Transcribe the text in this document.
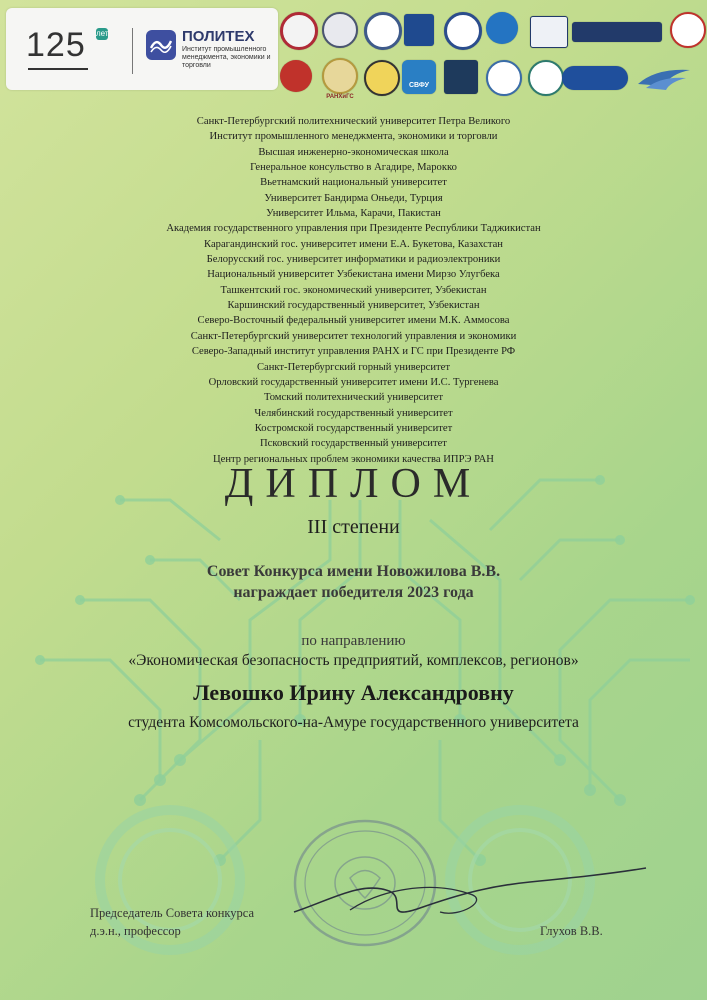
125 лет	ПОЛИТЕХ
Институт промышленного менеджмента, экономики и торговли
РАНХиГС
СВФУ
Санкт-Петербургский политехнический университет Петра Великого
Институт промышленного менеджмента, экономики и торговли
Высшая инженерно-экономическая школа
Генеральное консульство в Агадире, Марокко
Вьетнамский национальный университет
Университет Бандирма Оньеди, Турция
Университет Ильма, Карачи, Пакистан
Академия государственного управления при Президенте Республики Таджикистан
Карагандинский гос. университет имени Е.А. Букетова, Казахстан
Белорусский гос. университет информатики и радиоэлектроники
Национальный университет Узбекистана имени Мирзо Улугбека
Ташкентский гос. экономический университет, Узбекистан
Каршинский государственный университет, Узбекистан
Северо-Восточный федеральный университет имени М.К. Аммосова
Санкт-Петербургский университет технологий управления и экономики
Северо-Западный институт управления РАНХ и ГС при Президенте РФ
Санкт-Петербургский горный университет
Орловский государственный университет имени И.С. Тургенева
Томский политехнический университет
Челябинский государственный университет
Костромской государственный университет
Псковский государственный университет
Центр региональных проблем экономики качества ИПРЭ РАН
ДИПЛОМ
III степени
Совет Конкурса имени Новожилова В.В.
награждает победителя 2023 года
по направлению
«Экономическая безопасность предприятий, комплексов, регионов»
Левошко Ирину Александровну
студента Комсомольского-на-Амуре государственного университета
Председатель Совета конкурса
д.э.н., профессор	Глухов В.В.
